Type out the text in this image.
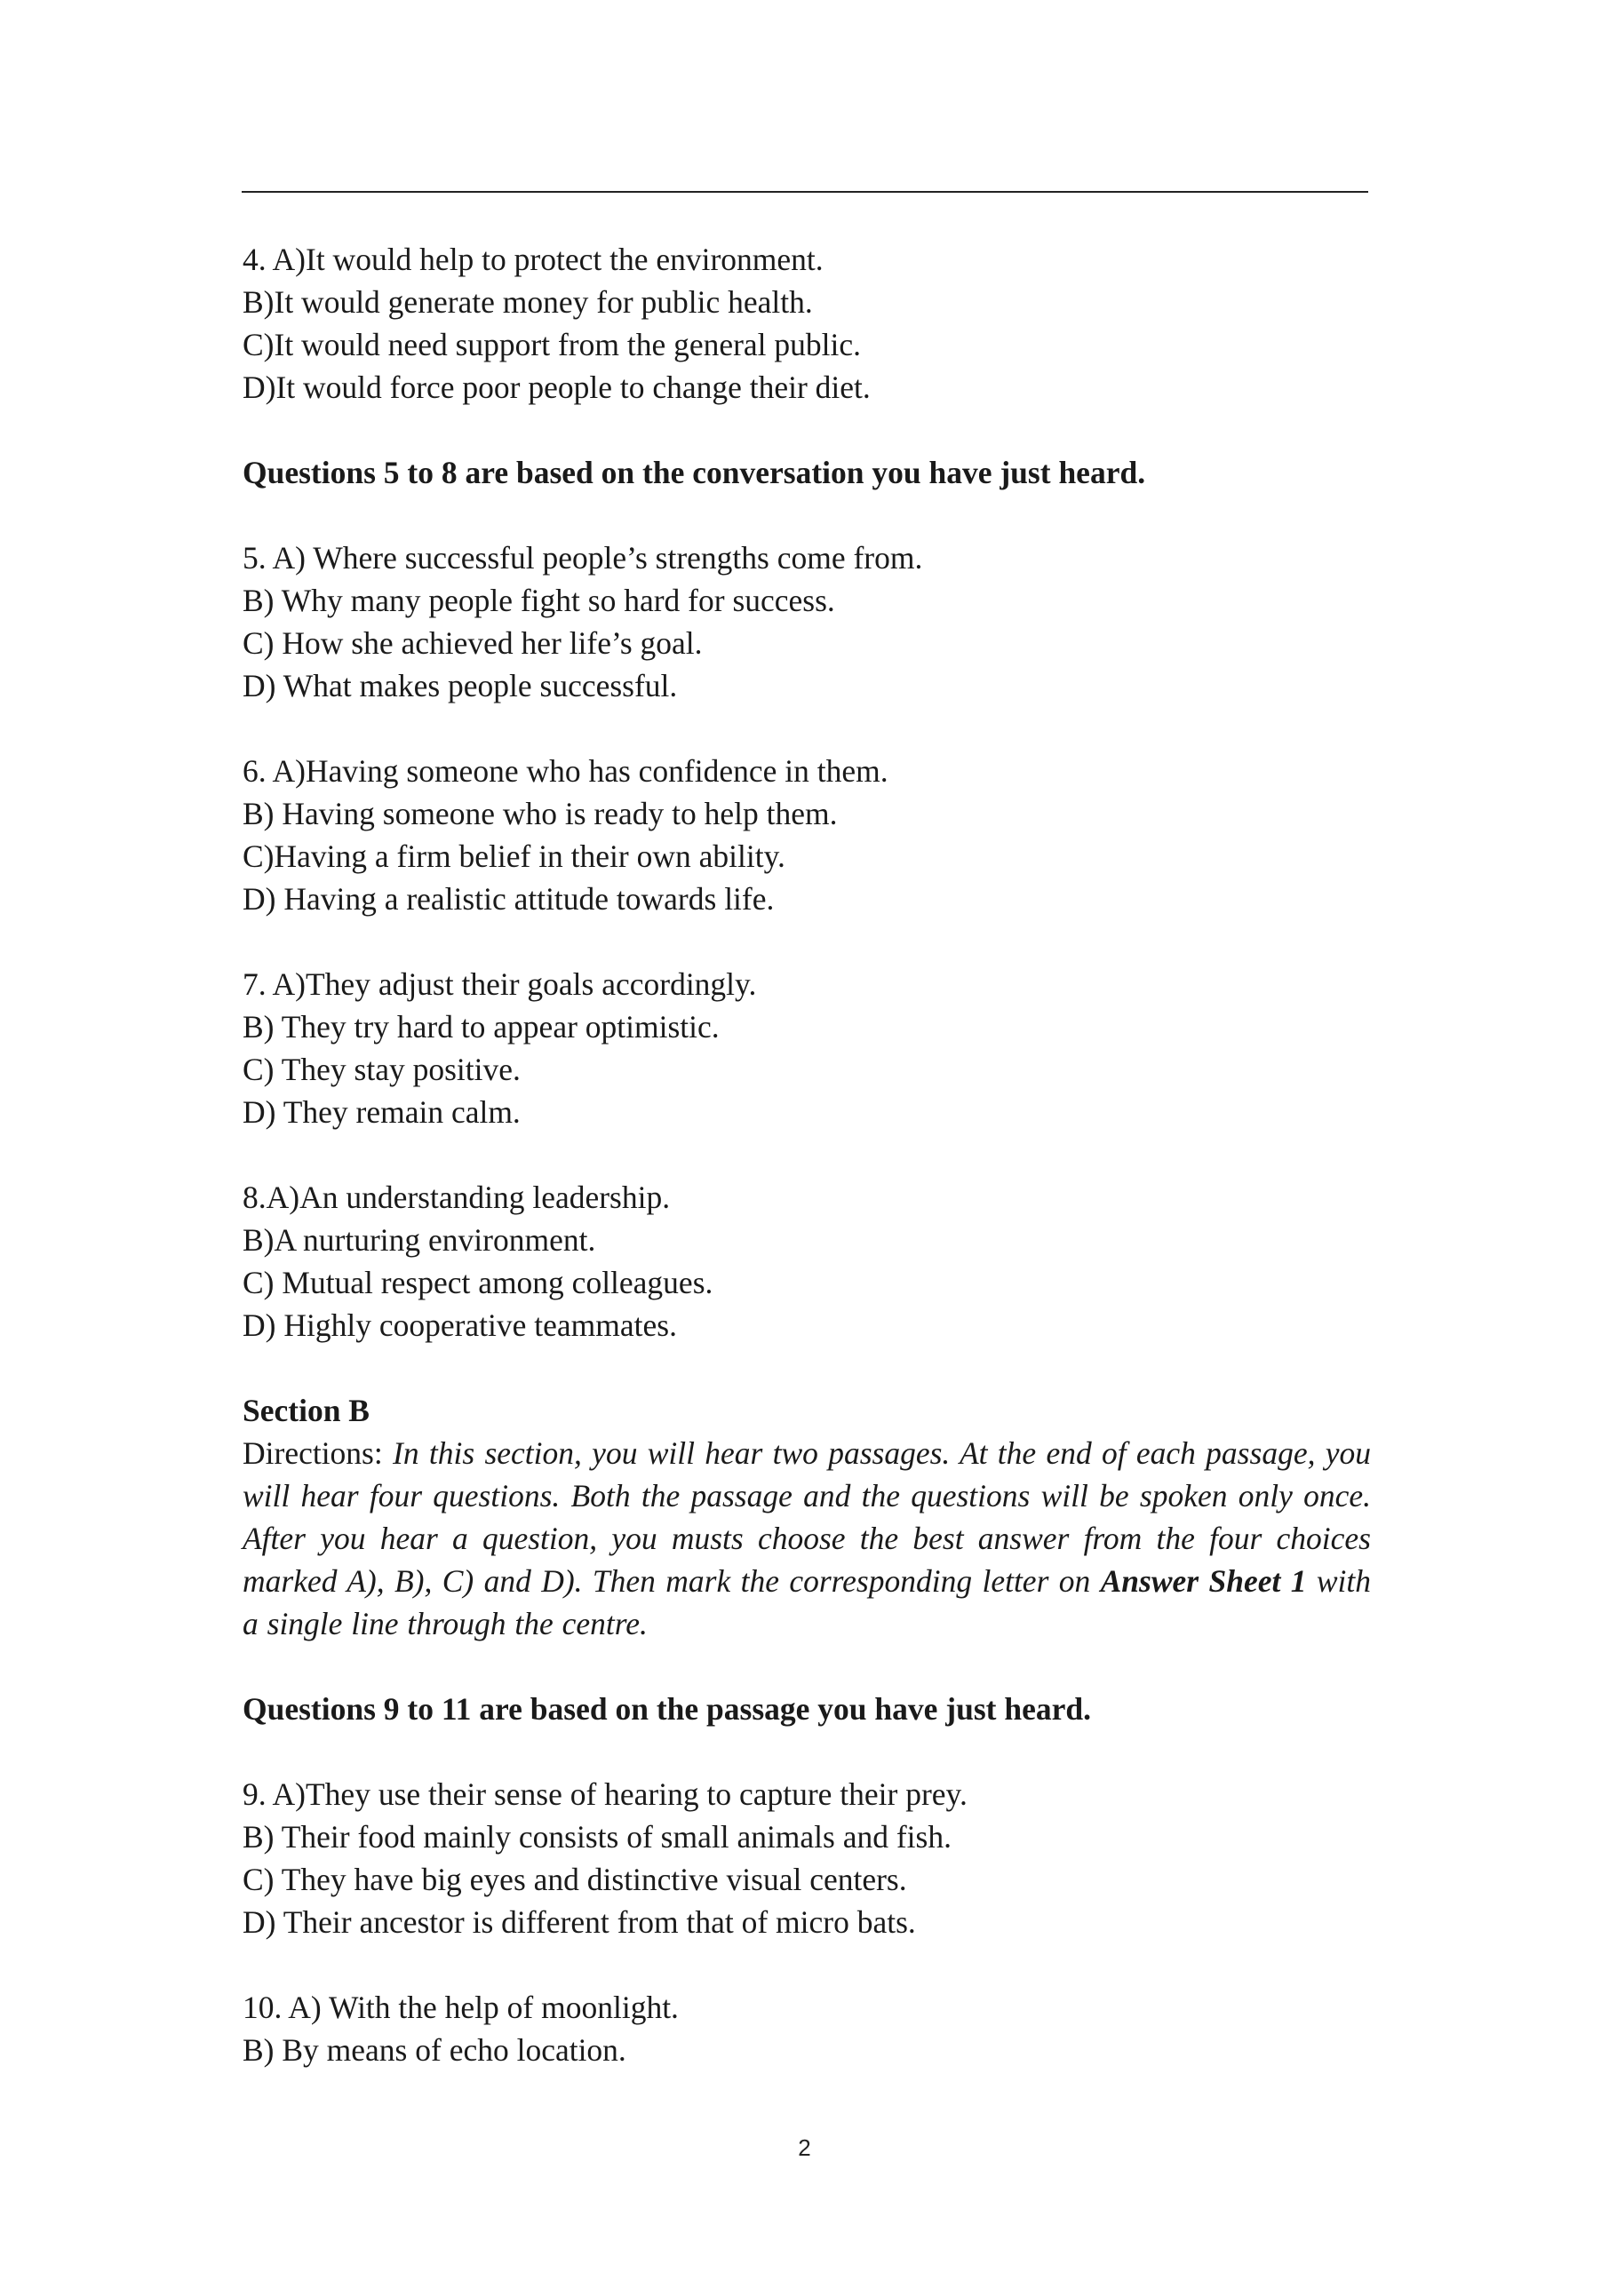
4. A)It would help to protect the environment.
B)It would generate money for public health.
C)It would need support from the general public.
D)It would force poor people to change their diet.
Questions 5 to 8 are based on the conversation you have just heard.
5. A) Where successful people’s strengths come from.
B) Why many people fight so hard for success.
C) How she achieved her life’s goal.
D) What makes people successful.
6. A)Having someone who has confidence in them.
B) Having someone who is ready to help them.
C)Having a firm belief in their own ability.
D) Having a realistic attitude towards life.
7. A)They adjust their goals accordingly.
B) They try hard to appear optimistic.
C) They stay positive.
D) They remain calm.
8.A)An understanding leadership.
B)A nurturing environment.
C) Mutual respect among colleagues.
D) Highly cooperative teammates.
Section B
Directions: In this section, you will hear two passages. At the end of each passage, you will hear four questions. Both the passage and the questions will be spoken only once. After you hear a question, you musts choose the best answer from the four choices marked A), B), C) and D). Then mark the corresponding letter on Answer Sheet 1 with a single line through the centre.
Questions 9 to 11 are based on the passage you have just heard.
9. A)They use their sense of hearing to capture their prey.
B) Their food mainly consists of small animals and fish.
C) They have big eyes and distinctive visual centers.
D) Their ancestor is different from that of micro bats.
10. A) With the help of moonlight.
B) By means of echo location.
2
